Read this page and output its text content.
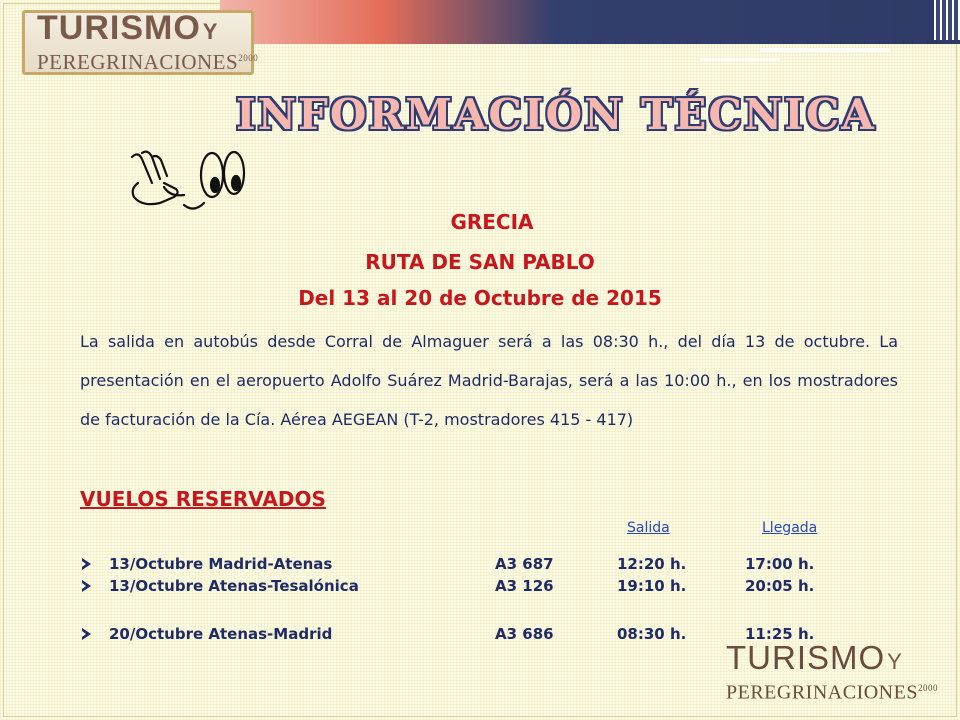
TURISMOY
$PEREGRINACIONES^{2000}$
INFORMACIÓN TÉCNICA
GRECIA
RUTA DE SAN PABLO
Del 13 al 20 de Octubre de 2015
La salida en autobús desde Corral de Almaguer será a las 08:30 h., del día 13 de octubre. La presentación en el aeropuerto Adolfo Suárez Madrid-Barajas, será a las 10:00 h., en los mostradores de facturación de la Cía. Aérea AEGEAN (T-2, mostradores 415 - 417)
VUELOS RESERVADOS
Salida	Llegada
13/Octubre Madrid-Atenas	A3 687	12:20 h.	17:00 h.
13/Octubre Atenas-Tesalónica	A3 126	19:10 h.	20:05 h.
20/Octubre Atenas-Madrid	A3 686	08:30 h.	11:25 h.
TURISMOY
$PEREGRINACIONES^{2000}$
